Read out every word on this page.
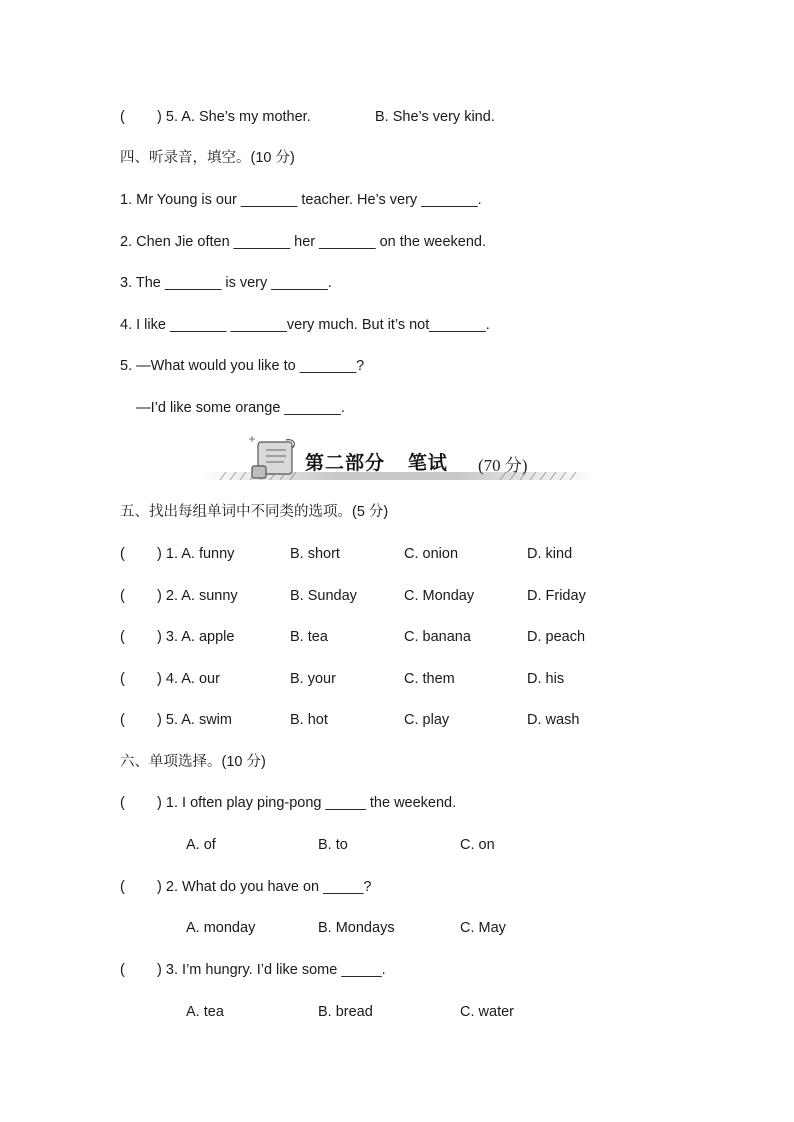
(        ) 5. A. She’s my mother.	B. She’s very kind.
四、听录音，填空。(10 分)
1. Mr Young is our _______ teacher. He’s very _______.
2. Chen Jie often _______ her _______ on the weekend.
3. The _______ is very _______.
4. I like _______ _______very much. But it’s not_______.
5. —What would you like to _______?
—I’d like some orange _______.
第二部分   笔试 (70 分)
五、找出每组单词中不同类的选项。(5 分)
(        ) 1. A. funny	B. short	C. onion	D. kind
(        ) 2. A. sunny	B. Sunday	C. Monday	D. Friday
(        ) 3. A. apple	B. tea	C. banana	D. peach
(        ) 4. A. our	B. your	C. them	D. his
(        ) 5. A. swim	B. hot	C. play	D. wash
六、单项选择。(10 分)
(        ) 1. I often play ping-pong _____ the weekend.
A. of	B. to	C. on
(        ) 2. What do you have on _____?
A. monday	B. Mondays	C. May
(        ) 3. I’m hungry. I’d like some _____.
A. tea	B. bread	C. water
